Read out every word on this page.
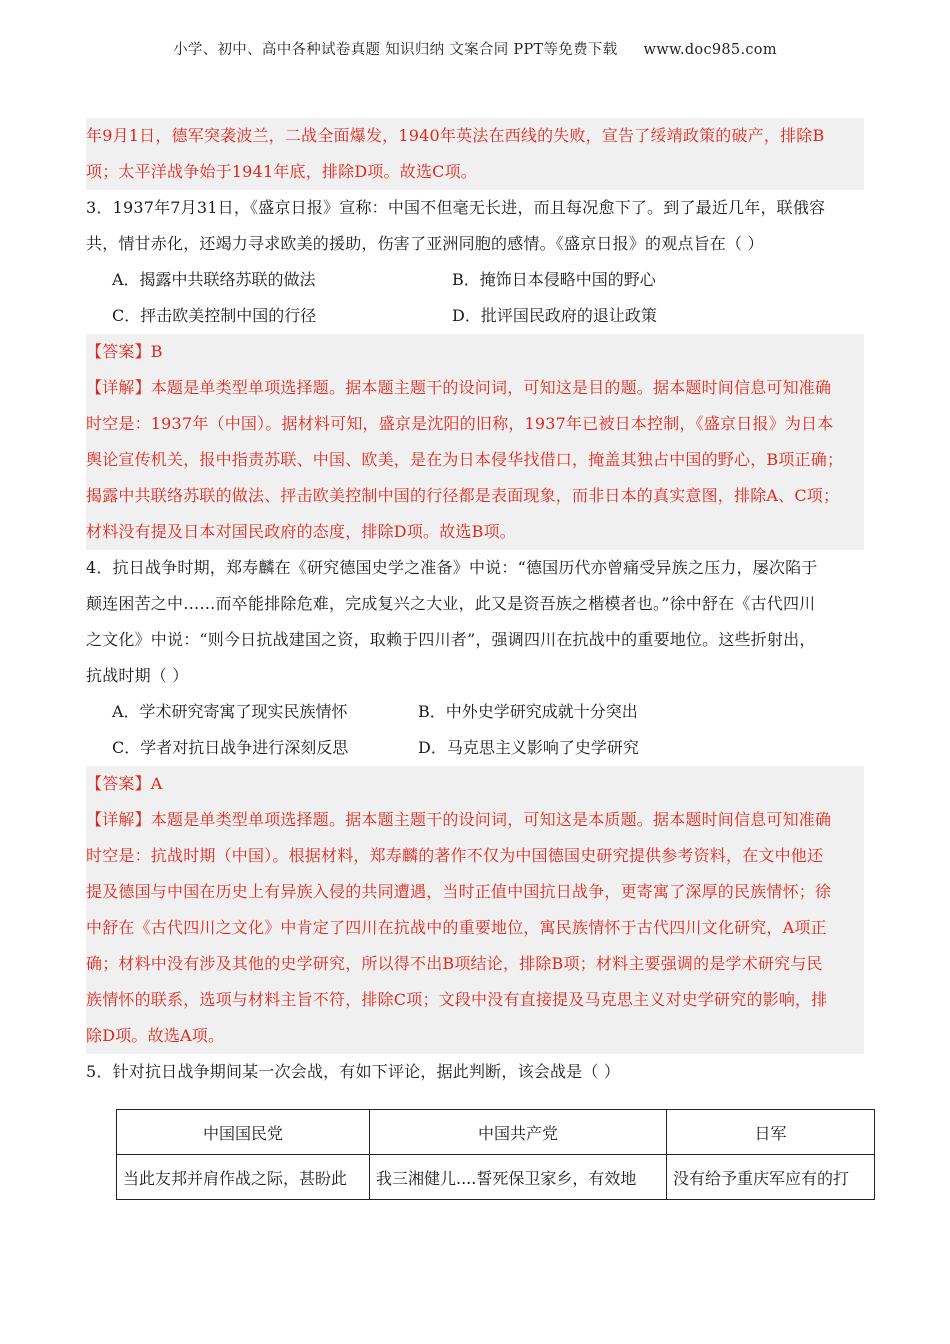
小学、初中、高中各种试卷真题 知识归纳 文案合同 PPT等免费下载 www.doc985.com
年9月1日，德军突袭波兰，二战全面爆发，1940年英法在西线的失败，宣告了绥靖政策的破产，排除B
项；太平洋战争始于1941年底，排除D项。故选C项。
3．1937年7月31日，《盛京日报》宣称：中国不但毫无长进，而且每况愈下了。到了最近几年，联俄容
共，情甘赤化，还竭力寻求欧美的援助，伤害了亚洲同胞的感情。《盛京日报》的观点旨在（ ）
A．揭露中共联络苏联的做法	B．掩饰日本侵略中国的野心
C．抨击欧美控制中国的行径	D．批评国民政府的退让政策
【答案】B
【详解】本题是单类型单项选择题。据本题主题干的设问词，可知这是目的题。据本题时间信息可知准确
时空是：1937年（中国）。据材料可知，盛京是沈阳的旧称，1937年已被日本控制，《盛京日报》为日本
舆论宣传机关，报中指责苏联、中国、欧美，是在为日本侵华找借口，掩盖其独占中国的野心，B项正确；
揭露中共联络苏联的做法、抨击欧美控制中国的行径都是表面现象，而非日本的真实意图，排除A、C项；
材料没有提及日本对国民政府的态度，排除D项。故选B项。
4．抗日战争时期，郑寿麟在《研究德国史学之准备》中说：“德国历代亦曾痛受异族之压力，屡次陷于
颠连困苦之中……而卒能排除危难，完成复兴之大业，此又是资吾族之楷模者也。”徐中舒在《古代四川
之文化》中说：“则今日抗战建国之资，取赖于四川者”，强调四川在抗战中的重要地位。这些折射出，
抗战时期（ ）
A．学术研究寄寓了现实民族情怀	B．中外史学研究成就十分突出
C．学者对抗日战争进行深刻反思	D．马克思主义影响了史学研究
【答案】A
【详解】本题是单类型单项选择题。据本题主题干的设问词，可知这是本质题。据本题时间信息可知准确
时空是：抗战时期（中国）。根据材料，郑寿麟的著作不仅为中国德国史研究提供参考资料，在文中他还
提及德国与中国在历史上有异族入侵的共同遭遇，当时正值中国抗日战争，更寄寓了深厚的民族情怀；徐
中舒在《古代四川之文化》中肯定了四川在抗战中的重要地位，寓民族情怀于古代四川文化研究，A项正
确；材料中没有涉及其他的史学研究，所以得不出B项结论，排除B项；材料主要强调的是学术研究与民
族情怀的联系，选项与材料主旨不符，排除C项；文段中没有直接提及马克思主义对史学研究的影响，排
除D项。故选A项。
5．针对抗日战争期间某一次会战，有如下评论，据此判断，该会战是（ ）
中国国民党	中国共产党	日军
当此友邦并肩作战之际，甚盼此	我三湘健儿....誓死保卫家乡，有效地	没有给予重庆军应有的打
